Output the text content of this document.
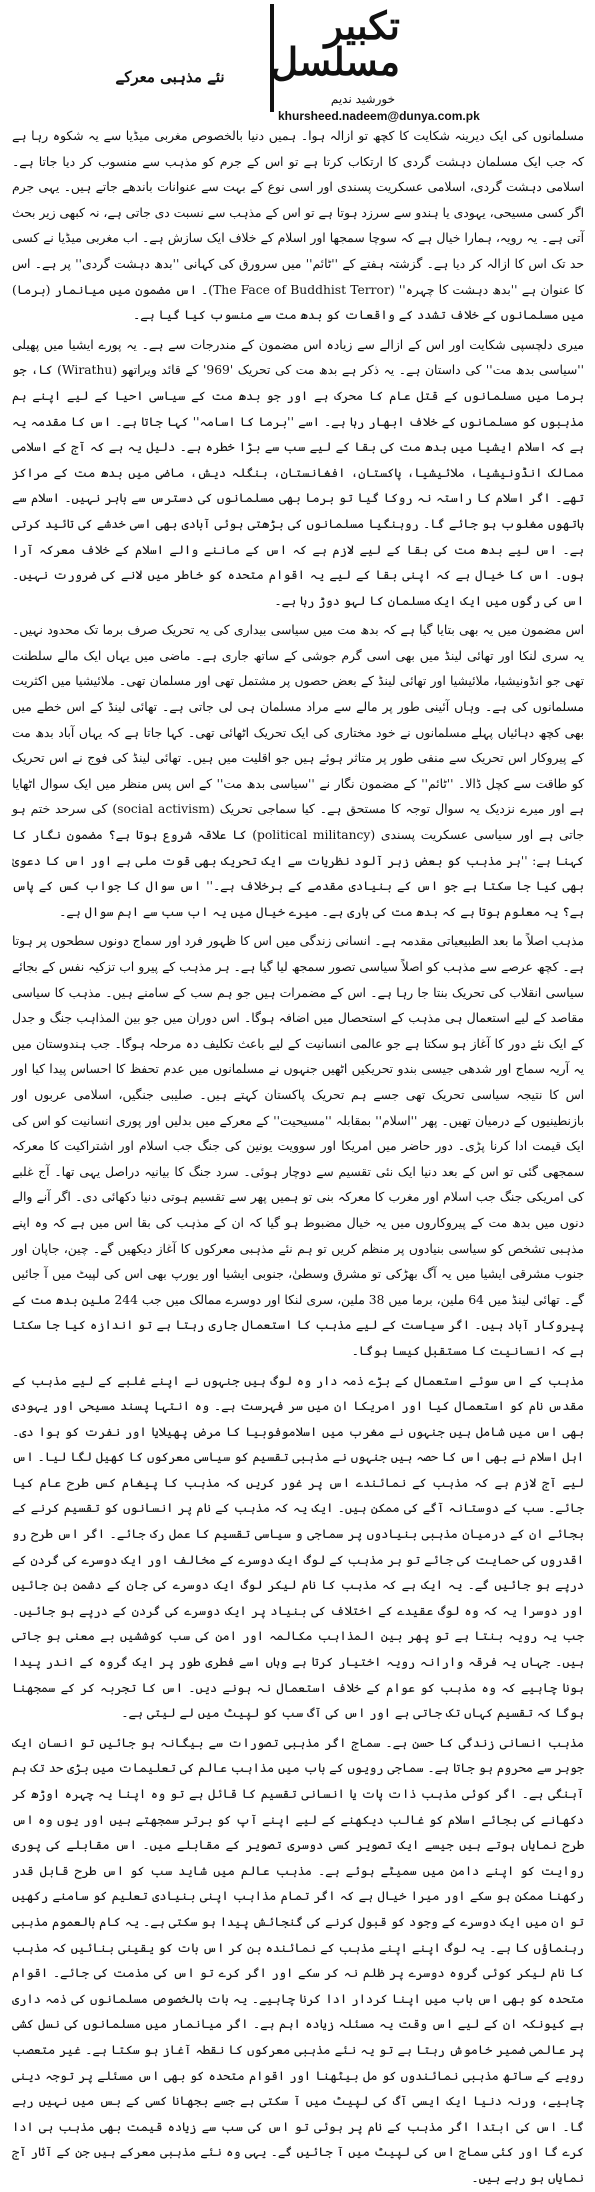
نئے مذہبی معرکے
تکبیر
مسلسل
خورشید ندیم
khursheed.nadeem@dunya.com.pk

مسلمانوں کی ایک دیرینہ شکایت کا کچھ تو ازالہ ہوا۔ ہمیں دنیا بالخصوص مغربی میڈیا سے یہ شکوہ رہا ہے کہ جب ایک مسلمان دہشت گردی کا ارتکاب کرتا ہے تو اس کے جرم کو مذہب سے منسوب کر دیا جاتا ہے۔ اسلامی دہشت گردی، اسلامی عسکریت پسندی اور اسی نوع کے بہت سے عنوانات باندھے جاتے ہیں۔ یہی جرم اگر کسی مسیحی، یہودی یا ہندو سے سرزد ہوتا ہے تو اس کے مذہب سے نسبت دی جاتی ہے، نہ کبھی زیر بحث آتی ہے۔ یہ رویہ، ہمارا خیال ہے کہ سوچا سمجھا اور اسلام کے خلاف ایک سازش ہے۔ اب مغربی میڈیا نے کسی حد تک اس کا ازالہ کر دیا ہے۔ گزشتہ ہفتے کے ''ٹائم'' میں سرورق کی کہانی ''بدھ دہشت گردی'' پر ہے۔ اس کا عنوان ہے ''بدھ دہشت کا چہرہ'' (The Face of Buddhist Terror)۔ اس مضمون میں میانمار (برما) میں مسلمانوں کے خلاف تشدد کے واقعات کو بدھ مت سے منسوب کیا گیا ہے۔

میری دلچسپی شکایت اور اس کے ازالے سے زیادہ اس مضمون کے مندرجات سے ہے۔ یہ پورے ایشیا میں پھیلی ''سیاسی بدھ مت'' کی داستان ہے۔ یہ ذکر ہے بدھ مت کی تحریک '969' کے قائد ویراتھو (Wirathu) کا، جو برما میں مسلمانوں کے قتل عام کا محرک ہے اور جو بدھ مت کے سیاسی احیا کے لیے اپنے ہم مذہبوں کو مسلمانوں کے خلاف ابھار رہا ہے۔ اسے ''برما کا اسامہ'' کہا جاتا ہے۔ اس کا مقدمہ یہ ہے کہ اسلام ایشیا میں بدھ مت کی بقا کے لیے سب سے بڑا خطرہ ہے۔ دلیل یہ ہے کہ آج کے اسلامی ممالک انڈونیشیا، ملائیشیا، پاکستان، افغانستان، بنگلہ دیش، ماضی میں بدھ مت کے مراکز تھے۔ اگر اسلام کا راستہ نہ روکا گیا تو برما بھی مسلمانوں کی دسترس سے باہر نہیں۔ اسلام سے ہاتھوں مغلوب ہو جائے گا۔ روہنگیا مسلمانوں کی بڑھتی ہوئی آبادی بھی اسی خدشے کی تائید کرتی ہے۔ اس لیے بدھ مت کی بقا کے لیے لازم ہے کہ اس کے ماننے والے اسلام کے خلاف معرکہ آرا ہوں۔ اس کا خیال ہے کہ اپنی بقا کے لیے یہ اقوام متحدہ کو خاطر میں لانے کی ضرورت نہیں۔ اس کی رگوں میں ایک ایک مسلمان کا لہو دوڑ رہا ہے۔

اس مضمون میں یہ بھی بتایا گیا ہے کہ بدھ مت میں سیاسی بیداری کی یہ تحریک صرف برما تک محدود نہیں۔ یہ سری لنکا اور تھائی لینڈ میں بھی اسی گرم جوشی کے ساتھ جاری ہے۔ ماضی میں یہاں ایک مالے سلطنت تھی جو انڈونیشیا، ملائیشیا اور تھائی لینڈ کے بعض حصوں پر مشتمل تھی اور مسلمان تھی۔ ملائیشیا میں اکثریت مسلمانوں کی ہے۔ وہاں آئینی طور پر مالے سے مراد مسلمان ہی لی جاتی ہے۔ تھائی لینڈ کے اس خطے میں بھی کچھ دہائیاں پہلے مسلمانوں نے خود مختاری کی ایک تحریک اٹھائی تھی۔ کہا جاتا ہے کہ یہاں آباد بدھ مت کے پیروکار اس تحریک سے منفی طور پر متاثر ہوئے ہیں جو اقلیت میں ہیں۔ تھائی لینڈ کی فوج نے اس تحریک کو طاقت سے کچل ڈالا۔ ''ٹائم'' کے مضمون نگار نے ''سیاسی بدھ مت'' کے اس پس منظر میں ایک سوال اٹھایا ہے اور میرے نزدیک یہ سوال توجہ کا مستحق ہے۔ کیا سماجی تحریک (social activism) کی سرحد ختم ہو جاتی ہے اور سیاسی عسکریت پسندی (political militancy) کا علاقہ شروع ہوتا ہے؟ مضمون نگار کا کہنا ہے: ''ہر مذہب کو بعض زہر آلود نظریات سے ایک تحریک بھی قوت ملی ہے اور اس کا دعویٰ بھی کیا جا سکتا ہے جو اس کے بنیادی مقدمے کے برخلاف ہے۔'' اس سوال کا جواب کس کے پاس ہے؟ یہ معلوم ہوتا ہے کہ بدھ مت کی باری ہے۔ میرے خیال میں یہ اب سب سے اہم سوال ہے۔

مذہب اصلاً ما بعد الطبیعیاتی مقدمہ ہے۔ انسانی زندگی میں اس کا ظہور فرد اور سماج دونوں سطحوں پر ہوتا ہے۔ کچھ عرصے سے مذہب کو اصلاً سیاسی تصور سمجھ لیا گیا ہے۔ ہر مذہب کے پیرو اب تزکیہ نفس کے بجائے سیاسی انقلاب کی تحریک بنتا جا رہا ہے۔ اس کے مضمرات ہیں جو ہم سب کے سامنے ہیں۔ مذہب کا سیاسی مقاصد کے لیے استعمال ہی مذہب کے استحصال میں اضافہ ہوگا۔ اس دوران میں جو بین المذاہب جنگ و جدل کے ایک نئے دور کا آغاز ہو سکتا ہے جو عالمی انسانیت کے لیے باعث تکلیف دہ مرحلہ ہوگا۔ جب ہندوستان میں یہ آریہ سماج اور شدھی جیسی بندو تحریکیں اٹھیں جنہوں نے مسلمانوں میں عدم تحفظ کا احساس پیدا کیا اور اس کا نتیجہ سیاسی تحریک تھی جسے ہم تحریک پاکستان کہتے ہیں۔ صلیبی جنگیں، اسلامی عربوں اور بازنطینیوں کے درمیان تھیں۔ پھر ''اسلام'' بمقابلہ ''مسیحیت'' کے معرکے میں بدلیں اور پوری انسانیت کو اس کی ایک قیمت ادا کرنا پڑی۔ دور حاضر میں امریکا اور سوویت یونین کی جنگ جب اسلام اور اشتراکیت کا معرکہ سمجھی گئی تو اس کے بعد دنیا ایک نئی تقسیم سے دوچار ہوئی۔ سرد جنگ کا بیانیہ دراصل یہی تھا۔ آج غلبے کی امریکی جنگ جب اسلام اور مغرب کا معرکہ بنی تو ہمیں پھر سے تقسیم ہوتی دنیا دکھائی دی۔ اگر آنے والے دنوں میں بدھ مت کے پیروکاروں میں یہ خیال مضبوط ہو گیا کہ ان کے مذہب کی بقا اس میں ہے کہ وہ اپنے مذہبی تشخص کو سیاسی بنیادوں پر منظم کریں تو ہم نئے مذہبی معرکوں کا آغاز دیکھیں گے۔ چین، جاپان اور جنوب مشرقی ایشیا میں یہ آگ بھڑکی تو مشرق وسطیٰ، جنوبی ایشیا اور یورپ بھی اس کی لپیٹ میں آ جائیں گے۔ تھائی لینڈ میں 64 ملین، برما میں 38 ملین، سری لنکا اور دوسرے ممالک میں جب 244 ملین بدھ مت کے پیروکار آباد ہیں۔ اگر سیاست کے لیے مذہب کا استعمال جاری رہتا ہے تو اندازہ کیا جا سکتا ہے کہ انسانیت کا مستقبل کیسا ہوگا۔

مذہب کے اس سوئے استعمال کے بڑے ذمہ دار وہ لوگ ہیں جنہوں نے اپنے غلبے کے لیے مذہب کے مقدس نام کو استعمال کیا اور امریکا ان میں سر فہرست ہے۔ وہ انتہا پسند مسیحی اور یہودی بھی اس میں شامل ہیں جنہوں نے مغرب میں اسلاموفوبیا کا مرض پھیلایا اور نفرت کو ہوا دی۔ اہل اسلام نے بھی اس کا حصہ ہیں جنہوں نے مذہبی تقسیم کو سیاسی معرکوں کا کھیل لگا لیا۔ اس لیے آج لازم ہے کہ مذہب کے نمائندے اس پر غور کریں کہ مذہب کا پیغام کس طرح عام کیا جائے۔ سب کے دوستانہ آگے کی ممکن ہیں۔ ایک یہ کہ مذہب کے نام پر انسانوں کو تقسیم کرنے کے بجائے ان کے درمیان مذہبی بنیادوں پر سماجی و سیاسی تقسیم کا عمل رک جائے۔ اگر اس طرح رو اقدروں کی حمایت کی جائے تو ہر مذہب کے لوگ ایک دوسرے کے مخالف اور ایک دوسرے کی گردن کے درپے ہو جائیں گے۔ یہ ایک ہے کہ مذہب کا نام لیکر لوگ ایک دوسرے کی جان کے دشمن بن جائیں اور دوسرا یہ کہ وہ لوگ عقیدے کے اختلاف کی بنیاد پر ایک دوسرے کی گردن کے درپے ہو جائیں۔ جب یہ رویہ بنتا ہے تو پھر بین المذاہب مکالمہ اور امن کی سب کوششیں بے معنی ہو جاتی ہیں۔ جہاں یہ فرقہ وارانہ رویہ اختیار کرتا ہے وہاں اسے فطری طور پر ایک گروہ کے اندر پیدا ہونا چاہیے کہ وہ مذہب کو عوام کے خلاف استعمال نہ ہونے دیں۔ اس کا تجربہ کر کے سمجھنا ہوگا کہ تقسیم کہاں تک جاتی ہے اور اس کی آگ سب کو لپیٹ میں لے لیتی ہے۔

مذہب انسانی زندگی کا حسن ہے۔ سماج اگر مذہبی تصورات سے بیگانہ ہو جائیں تو انسان ایک جوہر سے محروم ہو جاتا ہے۔ سماجی رویوں کے باب میں مذاہب عالم کی تعلیمات میں بڑی حد تک ہم آہنگی ہے۔ اگر کوئی مذہب ذات پات یا انسانی تقسیم کا قائل ہے تو وہ اپنا یہ چہرہ اوڑھ کر دکھانے کی بجائے اسلام کو غالب دیکھنے کے لیے اپنے آپ کو برتر سمجھتے ہیں اور یوں وہ اس طرح نمایاں ہوتے ہیں جیسے ایک تصویر کسی دوسری تصویر کے مقابلے میں۔ اس مقابلے کی پوری روایت کو اپنے دامن میں سمیٹے ہوئے ہے۔ مذہب عالم میں شاید سب کو اس طرح قابل قدر رکھنا ممکن ہو سکے اور میرا خیال ہے کہ اگر تمام مذاہب اپنی بنیادی تعلیم کو سامنے رکھیں تو ان میں ایک دوسرے کے وجود کو قبول کرنے کی گنجائش پیدا ہو سکتی ہے۔ یہ کام بالعموم مذہبی رہنماؤں کا ہے۔ یہ لوگ اپنے اپنے مذہب کے نمائندہ بن کر اس بات کو یقینی بنائیں کہ مذہب کا نام لیکر کوئی گروہ دوسرے پر ظلم نہ کر سکے اور اگر کرے تو اس کی مذمت کی جائے۔ اقوام متحدہ کو بھی اس باب میں اپنا کردار ادا کرنا چاہیے۔ یہ بات بالخصوص مسلمانوں کی ذمہ داری ہے کیونکہ ان کے لیے اس وقت یہ مسئلہ زیادہ اہم ہے۔ اگر میانمار میں مسلمانوں کی نسل کشی پر عالمی ضمیر خاموش رہتا ہے تو یہ نئے مذہبی معرکوں کا نقطہ آغاز ہو سکتا ہے۔ غیر متعصب رویے کے ساتھ مذہبی نمائندوں کو مل بیٹھنا اور اقوام متحدہ کو بھی اس مسئلے پر توجہ دینی چاہیے، ورنہ دنیا ایک ایسی آگ کی لپیٹ میں آ سکتی ہے جسے بجھانا کسی کے بس میں نہیں رہے گا۔ اس کی ابتدا اگر مذہب کے نام پر ہوئی تو اس کی سب سے زیادہ قیمت بھی مذہب ہی ادا کرے گا اور کئی سماج اس کی لپیٹ میں آ جائیں گے۔ یہی وہ نئے مذہبی معرکے ہیں جن کے آثار آج نمایاں ہو رہے ہیں۔
